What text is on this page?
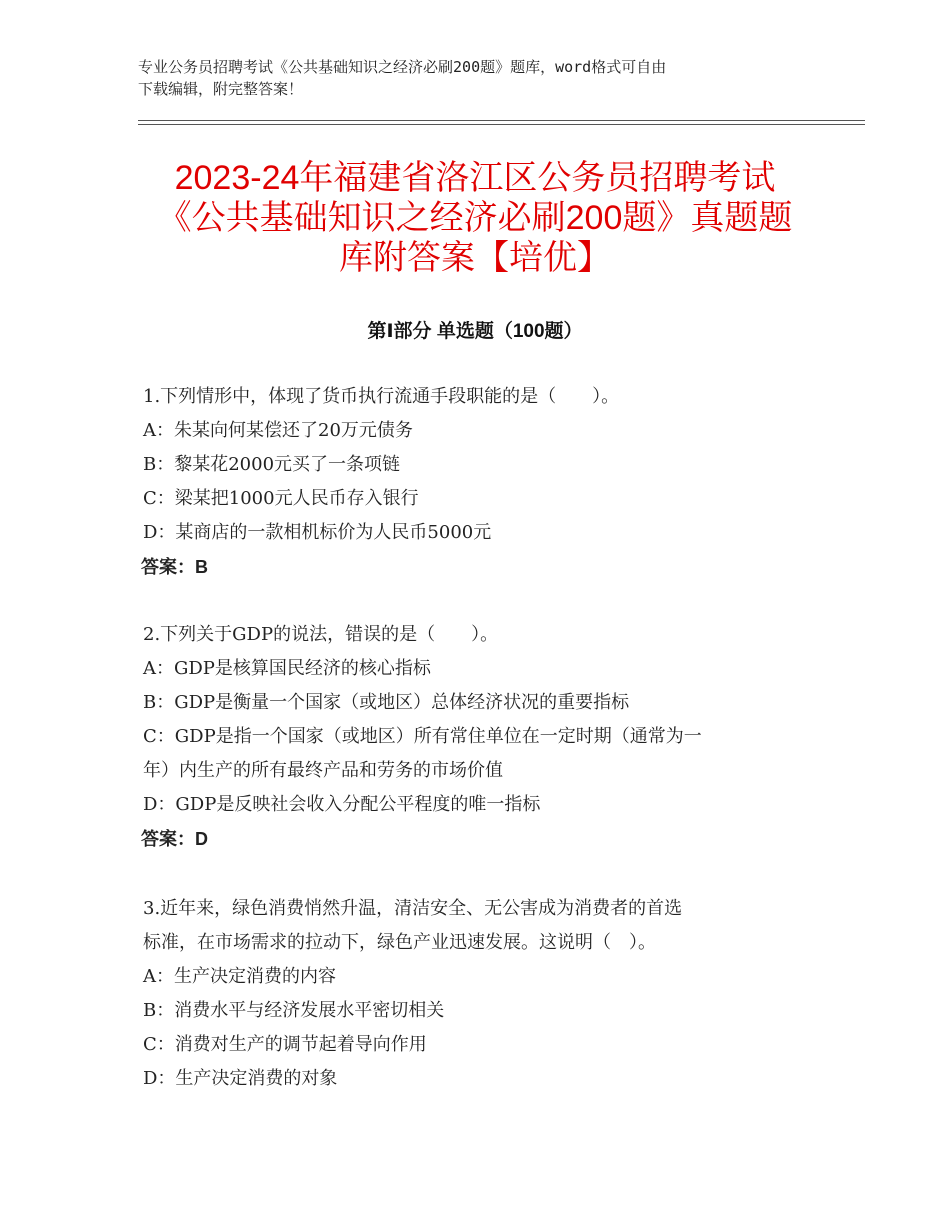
专业公务员招聘考试《公共基础知识之经济必刷200题》题库，word格式可自由
下载编辑，附完整答案！
2023-24年福建省洛江区公务员招聘考试
《公共基础知识之经济必刷200题》真题题
库附答案【培优】
第Ⅰ部分 单选题（100题）
1.下列情形中，体现了货币执行流通手段职能的是（　　）。
A：朱某向何某偿还了20万元债务
B：黎某花2000元买了一条项链
C：梁某把1000元人民币存入银行
D：某商店的一款相机标价为人民币5000元
答案：B
2.下列关于GDP的说法，错误的是（　　）。
A：GDP是核算国民经济的核心指标
B：GDP是衡量一个国家（或地区）总体经济状况的重要指标
C：GDP是指一个国家（或地区）所有常住单位在一定时期（通常为一
年）内生产的所有最终产品和劳务的市场价值
D：GDP是反映社会收入分配公平程度的唯一指标
答案：D
3.近年来，绿色消费悄然升温，清洁安全、无公害成为消费者的首选
标准，在市场需求的拉动下，绿色产业迅速发展。这说明（　）。
A：生产决定消费的内容
B：消费水平与经济发展水平密切相关
C：消费对生产的调节起着导向作用
D：生产决定消费的对象
